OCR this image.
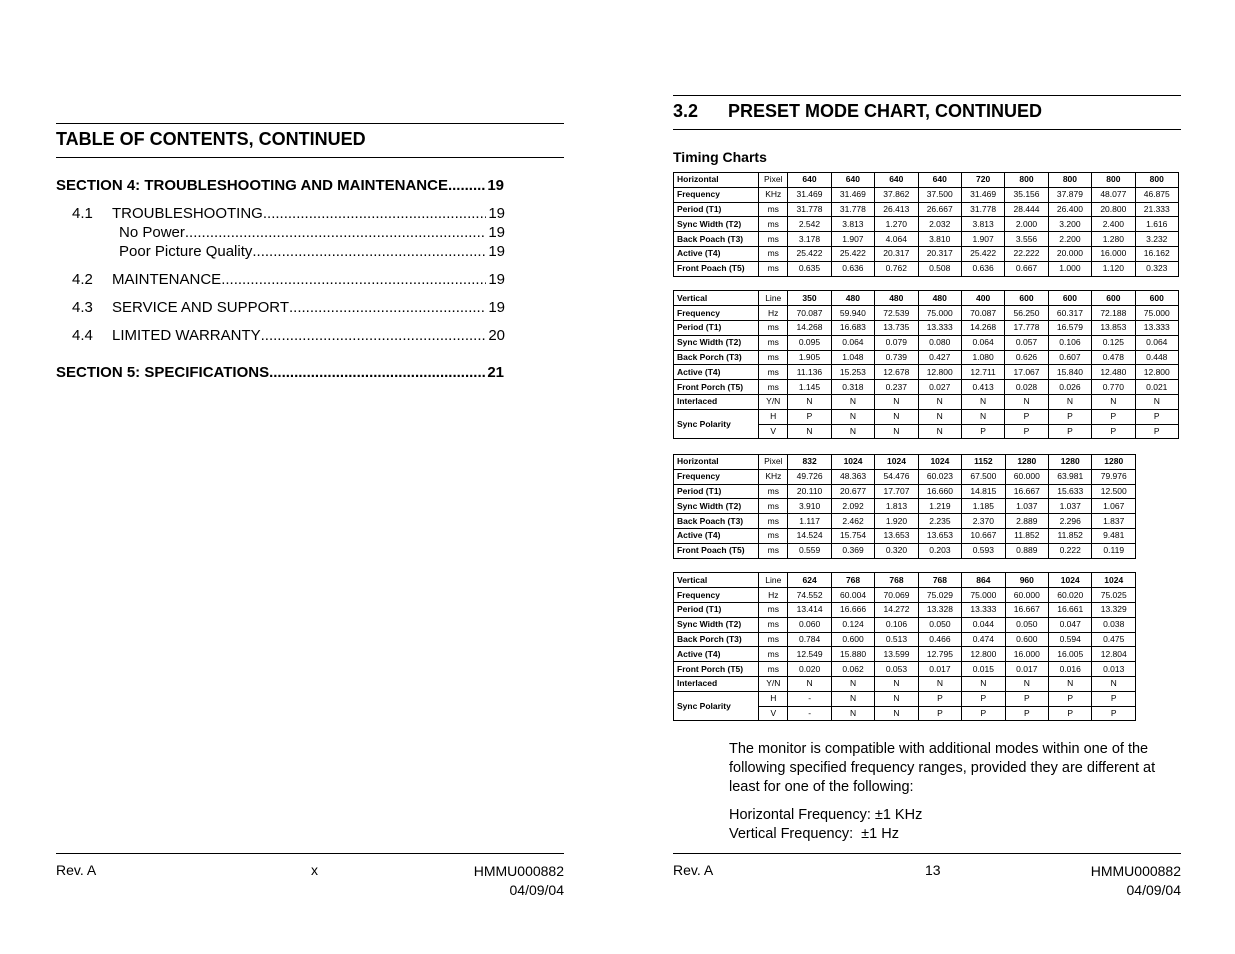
TABLE OF CONTENTS, CONTINUED
SECTION 4: TROUBLESHOOTING AND MAINTENANCE .....	19
4.1	TROUBLESHOOTING .....	19
No Power .....	19
Poor Picture Quality .....	19
4.2	MAINTENANCE .....	19
4.3	SERVICE AND SUPPORT .....	19
4.4	LIMITED WARRANTY .....	20
SECTION 5: SPECIFICATIONS .....	21
Rev. A	x	HMMU000882
04/09/04
3.2      PRESET MODE CHART, CONTINUED
Timing Charts
Horizontal	Pixel	640	640	640	640	720	800	800	800	800
Frequency	KHz	31.469	31.469	37.862	37.500	31.469	35.156	37.879	48.077	46.875
Period (T1)	ms	31.778	31.778	26.413	26.667	31.778	28.444	26.400	20.800	21.333
Sync Width (T2)	ms	2.542	3.813	1.270	2.032	3.813	2.000	3.200	2.400	1.616
Back Poach (T3)	ms	3.178	1.907	4.064	3.810	1.907	3.556	2.200	1.280	3.232
Active (T4)	ms	25.422	25.422	20.317	20.317	25.422	22.222	20.000	16.000	16.162
Front Poach (T5)	ms	0.635	0.636	0.762	0.508	0.636	0.667	1.000	1.120	0.323

Vertical	Line	350	480	480	480	400	600	600	600	600
Frequency	Hz	70.087	59.940	72.539	75.000	70.087	56.250	60.317	72.188	75.000
Period (T1)	ms	14.268	16.683	13.735	13.333	14.268	17.778	16.579	13.853	13.333
Sync Width (T2)	ms	0.095	0.064	0.079	0.080	0.064	0.057	0.106	0.125	0.064
Back Porch (T3)	ms	1.905	1.048	0.739	0.427	1.080	0.626	0.607	0.478	0.448
Active (T4)	ms	11.136	15.253	12.678	12.800	12.711	17.067	15.840	12.480	12.800
Front Porch (T5)	ms	1.145	0.318	0.237	0.027	0.413	0.028	0.026	0.770	0.021
Interlaced	Y/N	N	N	N	N	N	N	N	N	N
Sync Polarity	H	P	N	N	N	N	P	P	P	P
	V	N	N	N	N	P	P	P	P	P
Horizontal	Pixel	832	1024	1024	1024	1152	1280	1280	1280
Frequency	KHz	49.726	48.363	54.476	60.023	67.500	60.000	63.981	79.976
Period (T1)	ms	20.110	20.677	17.707	16.660	14.815	16.667	15.633	12.500
Sync Width (T2)	ms	3.910	2.092	1.813	1.219	1.185	1.037	1.037	1.067
Back Poach (T3)	ms	1.117	2.462	1.920	2.235	2.370	2.889	2.296	1.837
Active (T4)	ms	14.524	15.754	13.653	13.653	10.667	11.852	11.852	9.481
Front Poach (T5)	ms	0.559	0.369	0.320	0.203	0.593	0.889	0.222	0.119

Vertical	Line	624	768	768	768	864	960	1024	1024
Frequency	Hz	74.552	60.004	70.069	75.029	75.000	60.000	60.020	75.025
Period (T1)	ms	13.414	16.666	14.272	13.328	13.333	16.667	16.661	13.329
Sync Width (T2)	ms	0.060	0.124	0.106	0.050	0.044	0.050	0.047	0.038
Back Porch (T3)	ms	0.784	0.600	0.513	0.466	0.474	0.600	0.594	0.475
Active (T4)	ms	12.549	15.880	13.599	12.795	12.800	16.000	16.005	12.804
Front Porch (T5)	ms	0.020	0.062	0.053	0.017	0.015	0.017	0.016	0.013
Interlaced	Y/N	N	N	N	N	N	N	N	N
Sync Polarity	H	-	N	N	P	P	P	P	P
	V	-	N	N	P	P	P	P	P
The monitor is compatible with additional modes within one of the following specified frequency ranges, provided they are different at least for one of the following:
Horizontal Frequency: ±1 KHz
Vertical Frequency:  ±1 Hz
Rev. A	13	HMMU000882
04/09/04
